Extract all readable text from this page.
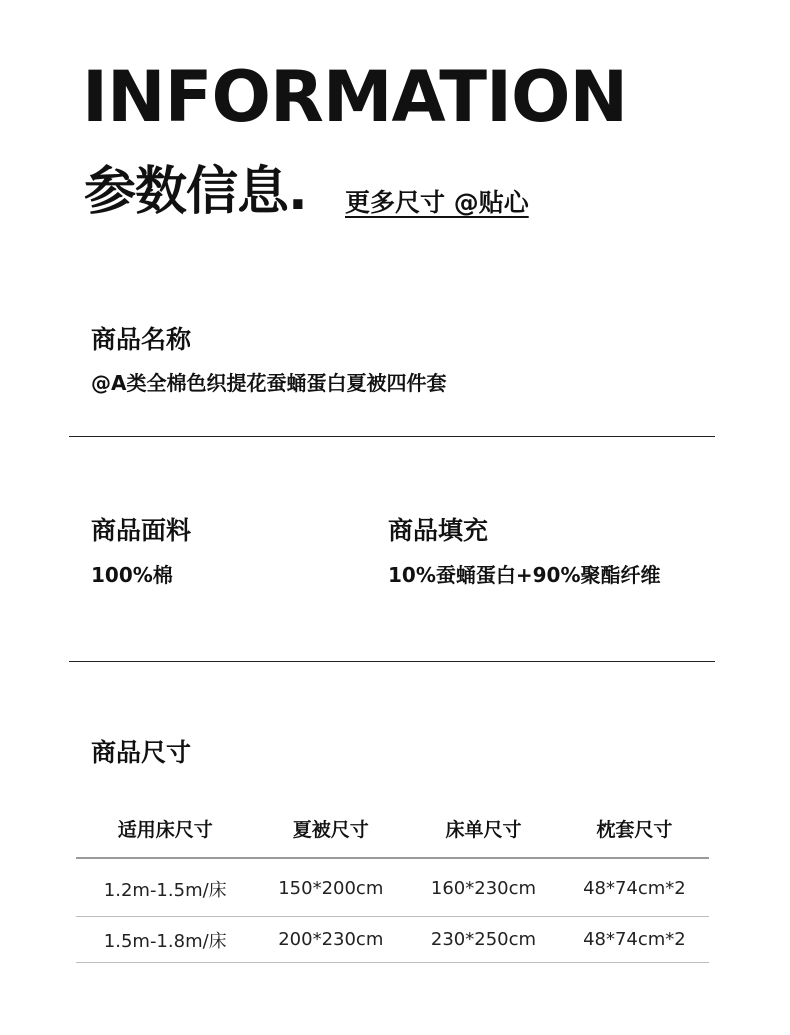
INFORMATION
参数信息. 更多尺寸 @贴心
商品名称
@A类全棉色织提花蚕蛹蛋白夏被四件套
商品面料
100%棉
商品填充
10%蚕蛹蛋白+90%聚酯纤维
商品尺寸
适用床尺寸	夏被尺寸	床单尺寸	枕套尺寸
1.2m-1.5m/床	150*200cm	160*230cm	48*74cm*2
1.5m-1.8m/床	200*230cm	230*250cm	48*74cm*2
